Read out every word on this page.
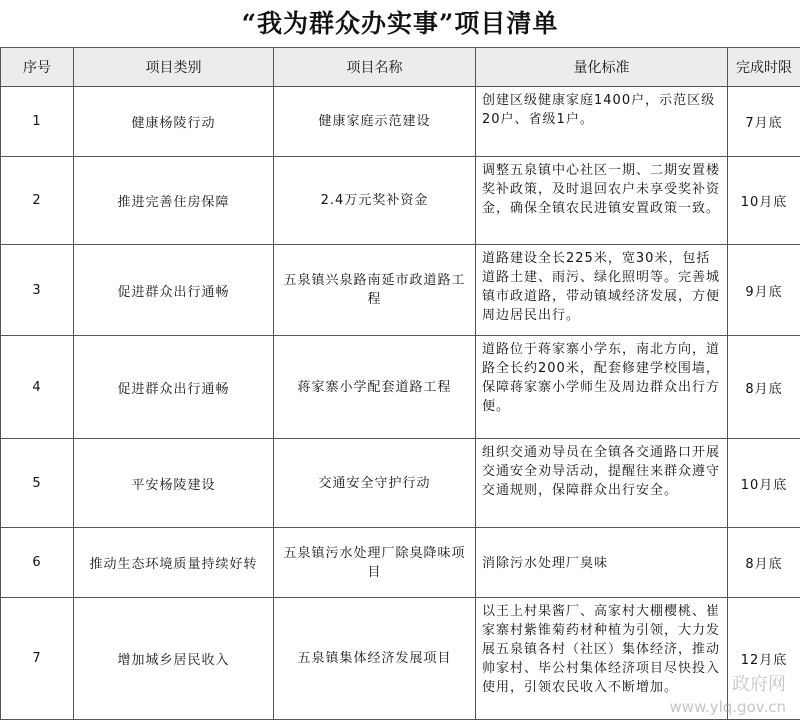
“我为群众办实事”项目清单
序号	项目类别	项目名称	量化标准	完成时限
1	健康杨陵行动	健康家庭示范建设	创建区级健康家庭1400户，示范区级20户、省级1户。	7月底
2	推进完善住房保障	2.4万元奖补资金	调整五泉镇中心社区一期、二期安置楼奖补政策，及时退回农户未享受奖补资金，确保全镇农民进镇安置政策一致。	10月底
3	促进群众出行通畅	五泉镇兴泉路南延市政道路工程	道路建设全长225米，宽30米，包括道路土建、雨污、绿化照明等。完善城镇市政道路，带动镇域经济发展，方便周边居民出行。	9月底
4	促进群众出行通畅	蒋家寨小学配套道路工程	道路位于蒋家寨小学东，南北方向，道路全长约200米，配套修建学校围墙，保障蒋家寨小学师生及周边群众出行方便。	8月底
5	平安杨陵建设	交通安全守护行动	组织交通劝导员在全镇各交通路口开展交通安全劝导活动，提醒往来群众遵守交通规则，保障群众出行安全。	10月底
6	推动生态环境质量持续好转	五泉镇污水处理厂除臭降味项目	消除污水处理厂臭味	8月底
7	增加城乡居民收入	五泉镇集体经济发展项目	以王上村果酱厂、高家村大棚樱桃、崔家寨村紫锥菊药材种植为引领，大力发展五泉镇各村（社区）集体经济，推动帅家村、毕公村集体经济项目尽快投入使用，引领农民收入不断增加。	12月底
政府网
www.ylq.gov.cn
